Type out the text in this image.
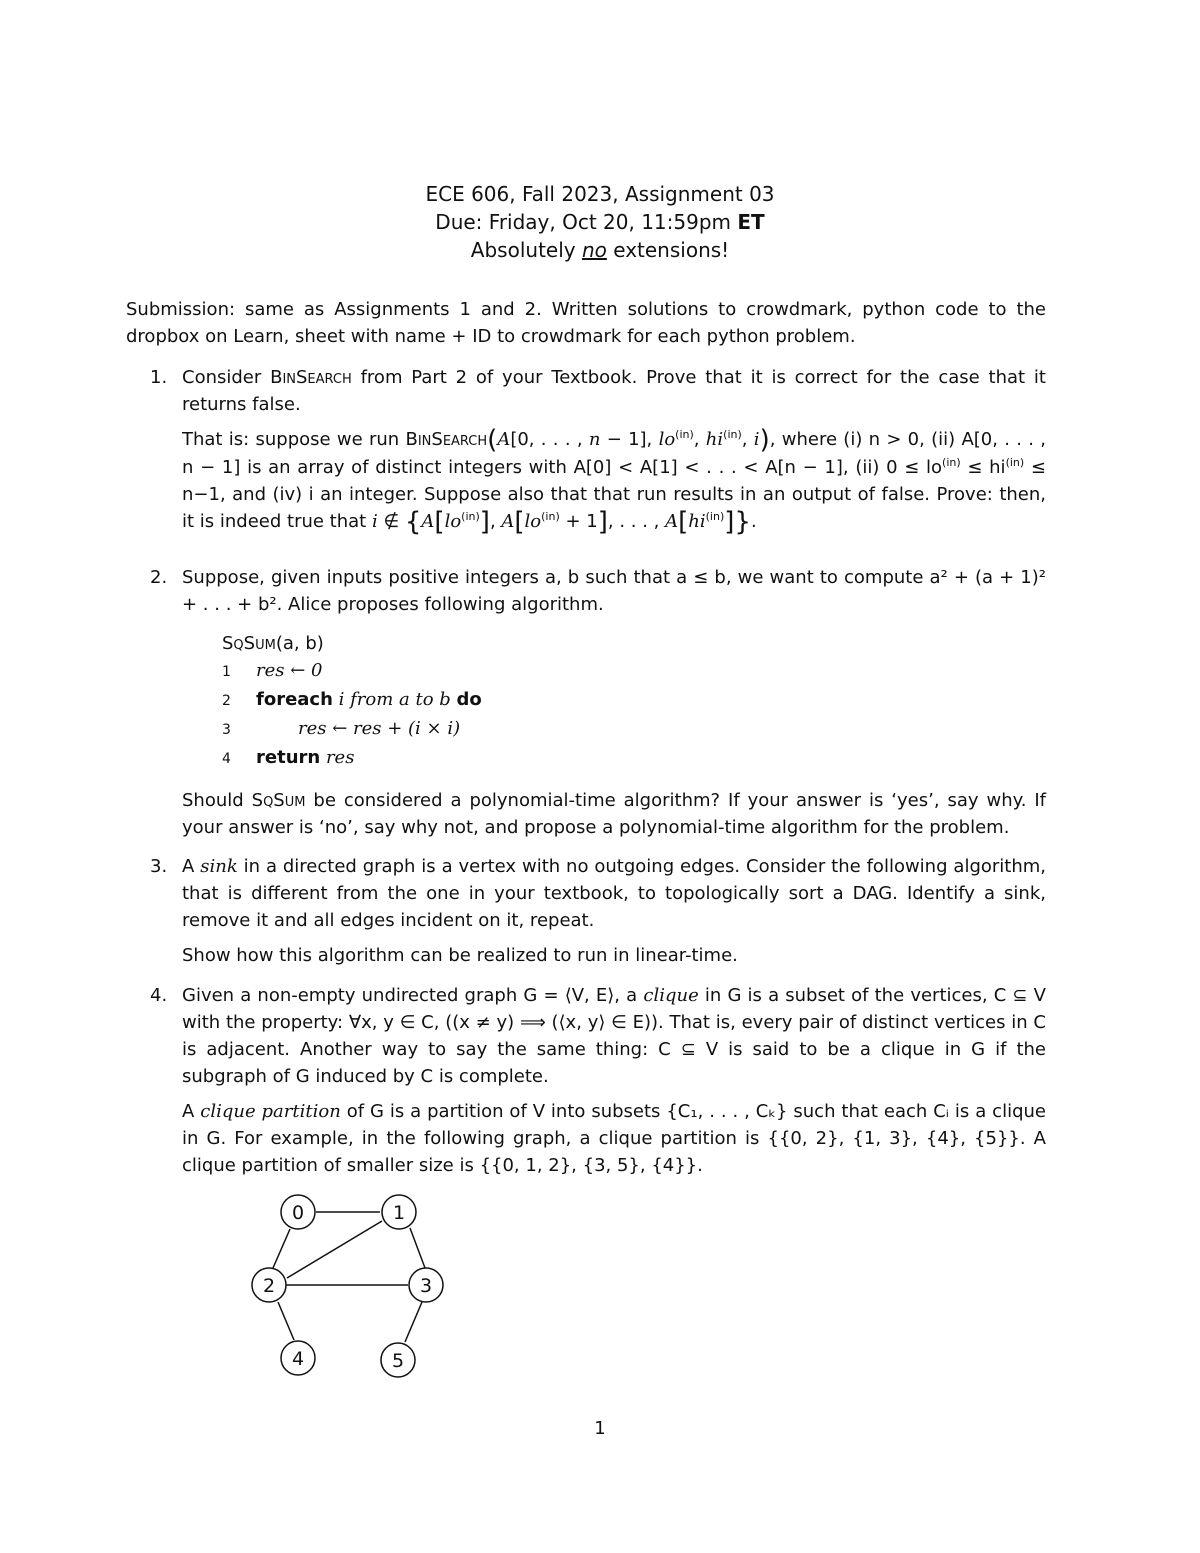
ECE 606, Fall 2023, Assignment 03
Due: Friday, Oct 20, 11:59pm ET
Absolutely no extensions!
Submission: same as Assignments 1 and 2. Written solutions to crowdmark, python code to the dropbox on Learn, sheet with name + ID to crowdmark for each python problem.
1. Consider BinSearch from Part 2 of your Textbook. Prove that it is correct for the case that it returns false.

That is: suppose we run BinSearch(A[0, . . . , n − 1], $lo^{(in)}$, $hi^{(in)}$, i), where (i) n > 0, (ii) A[0, . . . , n − 1] is an array of distinct integers with A[0] < A[1] < . . . < A[n − 1], (ii) $0 \le lo^{(in)} \le hi^{(in)} \le n-1$, and (iv) i an integer. Suppose also that that run results in an output of false. Prove: then, it is indeed true that i ∉ {$A[lo^{(in)}]$, $A[lo^{(in)} + 1]$, . . . , $A[hi^{(in)}]$}.

2. Suppose, given inputs positive integers a, b such that a ≤ b, we want to compute a² + (a + 1)² + . . . + b². Alice proposes following algorithm.

SqSum(a, b)
1 res ← 0
2 foreach i from a to b do
3	res ← res + (i × i)
4 return res

Should SqSum be considered a polynomial-time algorithm? If your answer is ‘yes’, say why. If your answer is ‘no’, say why not, and propose a polynomial-time algorithm for the problem.

3. A sink in a directed graph is a vertex with no outgoing edges. Consider the following algorithm, that is different from the one in your textbook, to topologically sort a DAG. Identify a sink, remove it and all edges incident on it, repeat.

Show how this algorithm can be realized to run in linear-time.

4. Given a non-empty undirected graph G = ⟨V, E⟩, a clique in G is a subset of the vertices, C ⊆ V with the property: ∀x, y ∈ C, ((x ≠ y) ⟹ (⟨x, y⟩ ∈ E)). That is, every pair of distinct vertices in C is adjacent. Another way to say the same thing: C ⊆ V is said to be a clique in G if the subgraph of G induced by C is complete.

A clique partition of G is a partition of V into subsets {C₁, . . . , Cₖ} such that each Cᵢ is a clique in G. For example, in the following graph, a clique partition is {{0, 2}, {1, 3}, {4}, {5}}. A clique partition of smaller size is {{0, 1, 2}, {3, 5}, {4}}.

0	1
2	3
4	5
1
